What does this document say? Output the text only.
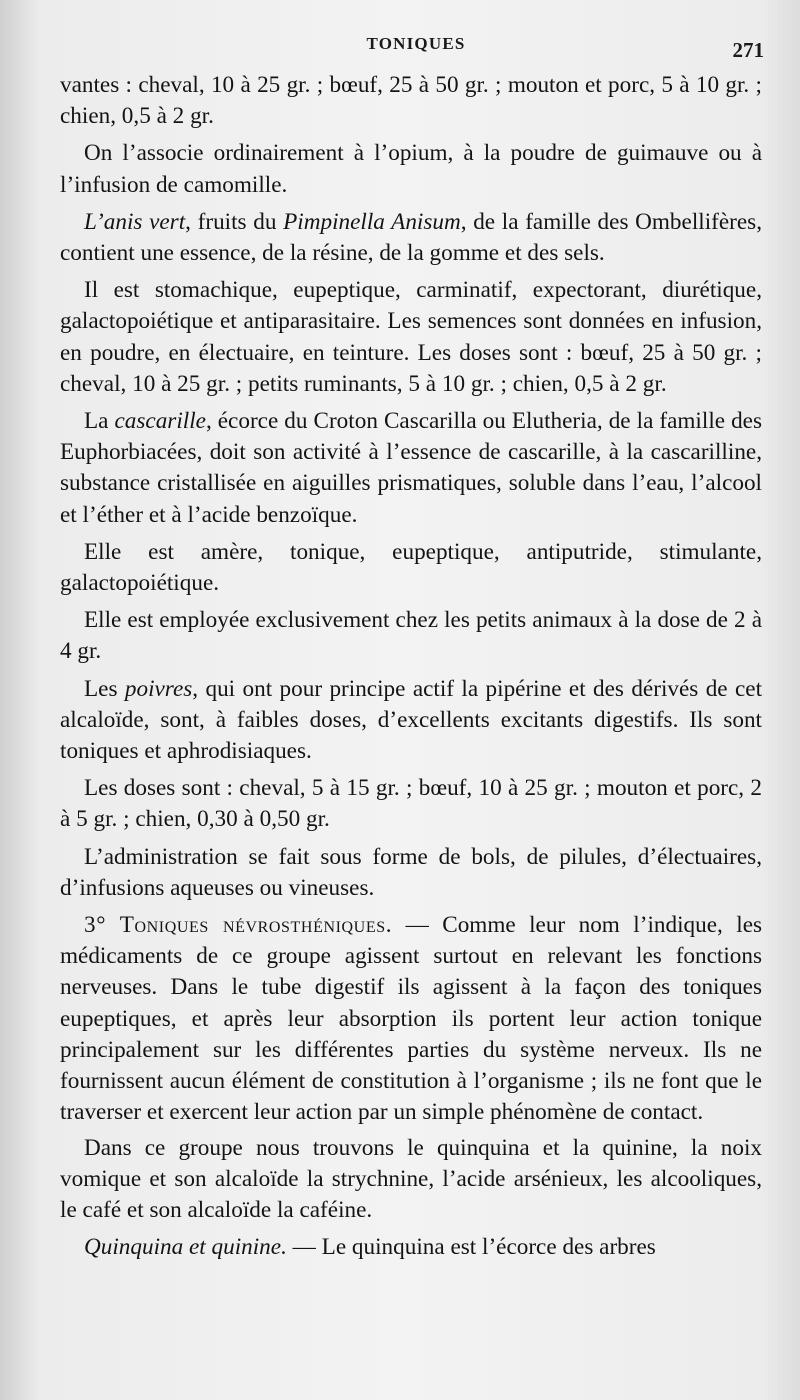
TONIQUES	271

vantes : cheval, 10 à 25 gr. ; bœuf, 25 à 50 gr. ; mouton et porc, 5 à 10 gr. ; chien, 0,5 à 2 gr.

On l’associe ordinairement à l’opium, à la poudre de guimauve ou à l’infusion de camomille.

L’anis vert, fruits du Pimpinella Anisum, de la famille des Ombellifères, contient une essence, de la résine, de la gomme et des sels.

Il est stomachique, eupeptique, carminatif, expectorant, diurétique, galactopoiétique et antiparasitaire. Les semences sont données en infusion, en poudre, en électuaire, en teinture. Les doses sont : bœuf, 25 à 50 gr. ; cheval, 10 à 25 gr. ; petits ruminants, 5 à 10 gr. ; chien, 0,5 à 2 gr.

La cascarille, écorce du Croton Cascarilla ou Elutheria, de la famille des Euphorbiacées, doit son activité à l’essence de cascarille, à la cascarilline, substance cristallisée en aiguilles prismatiques, soluble dans l’eau, l’alcool et l’éther et à l’acide benzoïque.

Elle est amère, tonique, eupeptique, antiputride, stimulante, galactopoiétique.

Elle est employée exclusivement chez les petits animaux à la dose de 2 à 4 gr.

Les poivres, qui ont pour principe actif la pipérine et des dérivés de cet alcaloïde, sont, à faibles doses, d’excellents excitants digestifs. Ils sont toniques et aphrodisiaques.

Les doses sont : cheval, 5 à 15 gr. ; bœuf, 10 à 25 gr. ; mouton et porc, 2 à 5 gr. ; chien, 0,30 à 0,50 gr.

L’administration se fait sous forme de bols, de pilules, d’électuaires, d’infusions aqueuses ou vineuses.

3° Toniques névrosthéniques. — Comme leur nom l’indique, les médicaments de ce groupe agissent surtout en relevant les fonctions nerveuses. Dans le tube digestif ils agissent à la façon des toniques eupeptiques, et après leur absorption ils portent leur action tonique principalement sur les différentes parties du système nerveux. Ils ne fournissent aucun élément de constitution à l’organisme ; ils ne font que le traverser et exercent leur action par un simple phénomène de contact.

Dans ce groupe nous trouvons le quinquina et la quinine, la noix vomique et son alcaloïde la strychnine, l’acide arsénieux, les alcooliques, le café et son alcaloïde la caféine.

Quinquina et quinine. — Le quinquina est l’écorce des arbres
